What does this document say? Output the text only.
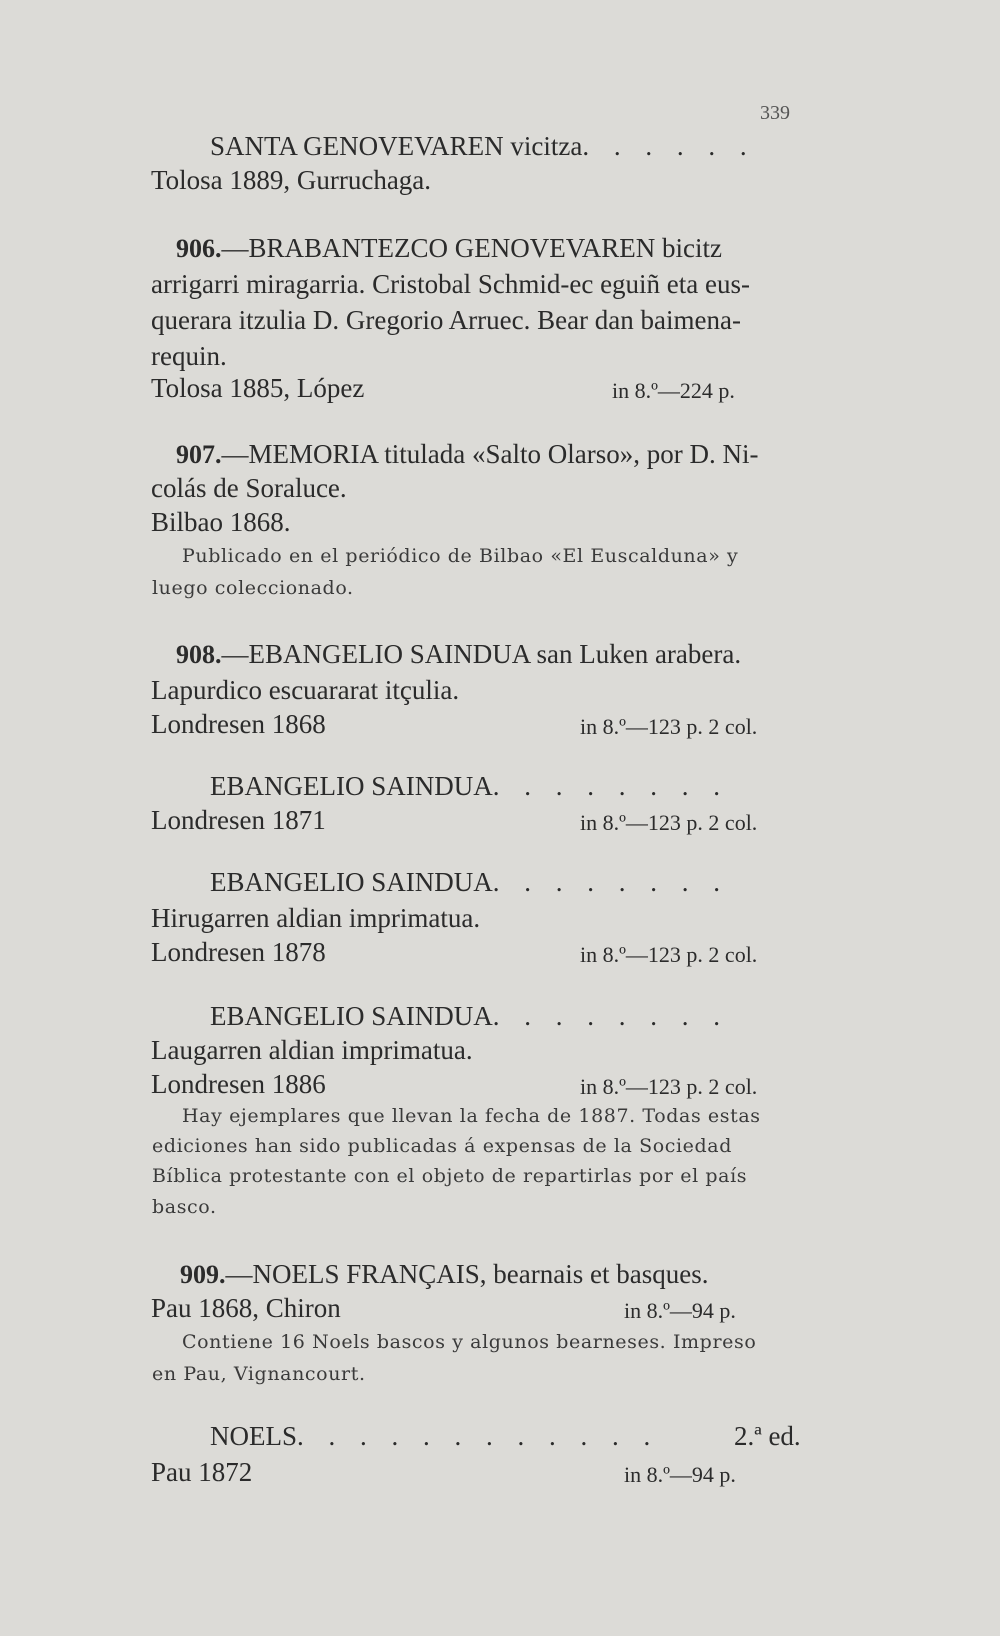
339
SANTA GENOVEVAREN vicitza. . . . . .
Tolosa 1889, Gurruchaga.
906.—BRABANTEZCO GENOVEVAREN bicitz
arrigarri miragarria. Cristobal Schmid-ec eguiñ eta eus-
querara itzulia D. Gregorio Arruec. Bear dan baimena-
requin.
Tolosa 1885, López	in 8.º—224 p.
907.—MEMORIA titulada «Salto Olarso», por D. Ni-
colás de Soraluce.
Bilbao 1868.
Publicado en el periódico de Bilbao «El Euscalduna» y
luego coleccionado.
908.—EBANGELIO SAINDUA san Luken arabera.
Lapurdico escuararat itçulia.
Londresen 1868	in 8.º—123 p. 2 col.
EBANGELIO SAINDUA. . . . . . . .
Londresen 1871	in 8.º—123 p. 2 col.
EBANGELIO SAINDUA. . . . . . . .
Hirugarren aldian imprimatua.
Londresen 1878	in 8.º—123 p. 2 col.
EBANGELIO SAINDUA. . . . . . . .
Laugarren aldian imprimatua.
Londresen 1886	in 8.º—123 p. 2 col.
Hay ejemplares que llevan la fecha de 1887. Todas estas
ediciones han sido publicadas á expensas de la Sociedad
Bíblica protestante con el objeto de repartirlas por el país
basco.
909.—NOELS FRANÇAIS, bearnais et basques.
Pau 1868, Chiron	in 8.º—94 p.
Contiene 16 Noels bascos y algunos bearneses. Impreso
en Pau, Vignancourt.
NOELS. . . . . . . . . . . .	2.ª ed.
Pau 1872	in 8.º—94 p.
